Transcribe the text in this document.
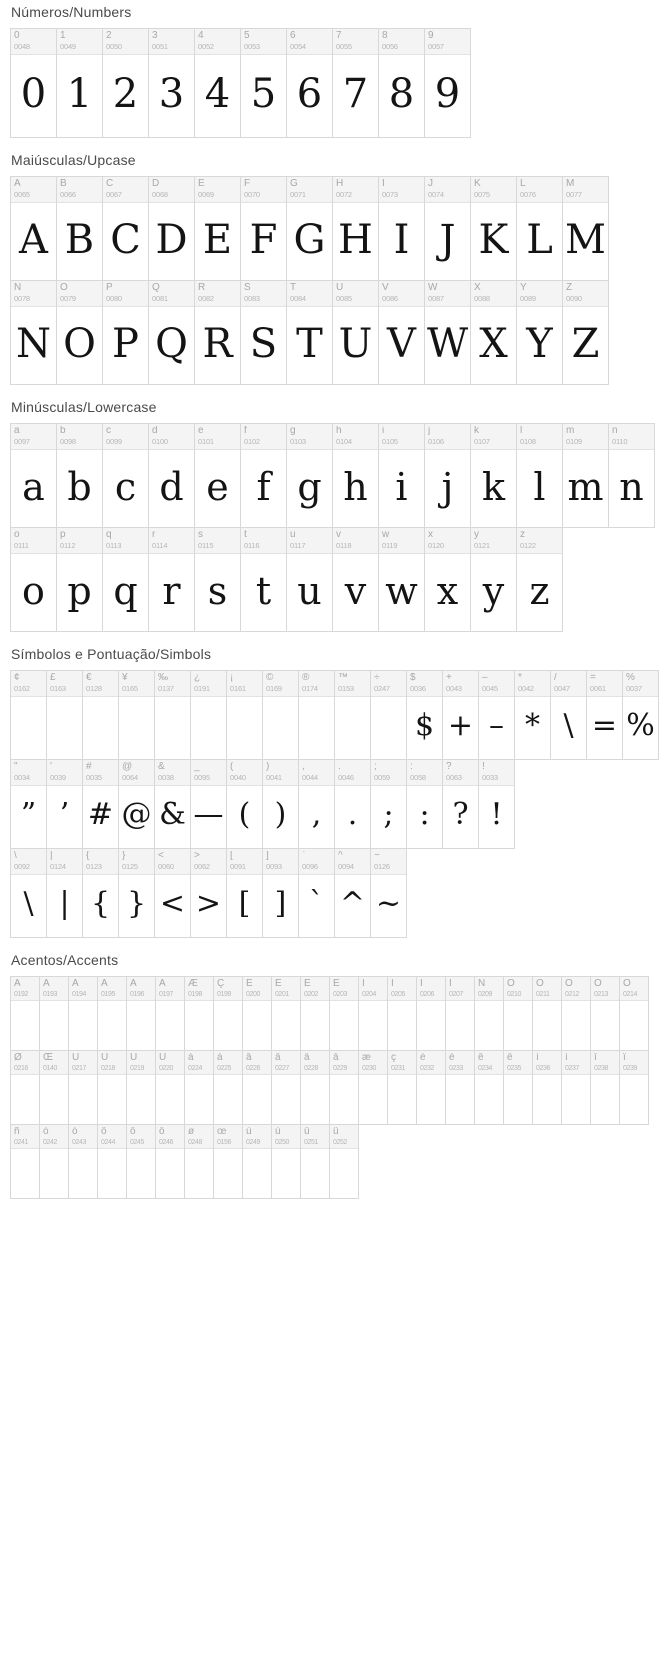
Números/Numbers
0
0048
0
1
0049
1
2
0050
2
3
0051
3
4
0052
4
5
0053
5
6
0054
6
7
0055
7
8
0056
8
9
0057
9
Maiúsculas/Upcase
A
0065
A
B
0066
B
C
0067
C
D
0068
D
E
0069
E
F
0070
F
G
0071
G
H
0072
H
I
0073
I
J
0074
J
K
0075
K
L
0076
L
M
0077
M
N
0078
N
O
0079
O
P
0080
P
Q
0081
Q
R
0082
R
S
0083
S
T
0084
T
U
0085
U
V
0086
V
W
0087
W
X
0088
X
Y
0089
Y
Z
0090
Z
Minúsculas/Lowercase
a
0097
a
b
0098
b
c
0099
c
d
0100
d
e
0101
e
f
0102
f
g
0103
g
h
0104
h
i
0105
i
j
0106
j
k
0107
k
l
0108
l
m
0109
m
n
0110
n
o
0111
o
p
0112
p
q
0113
q
r
0114
r
s
0115
s
t
0116
t
u
0117
u
v
0118
v
w
0119
w
x
0120
x
y
0121
y
z
0122
z
Símbolos e Pontuação/Simbols
¢
0162
£
0163
€
0128
¥
0165
‰
0137
¿
0191
¡
0161
©
0169
®
0174
™
0153
÷
0247
$
0036
$
+
0043
+
–
0045
–
*
0042
*
/
0047
\
=
0061
=
%
0037
%
"
0034
”
'
0039
’
#
0035
#
@
0064
@
&
0038
&
_
0095
—
(
0040
(
)
0041
)
,
0044
,
.
0046
.
;
0059
;
:
0058
:
?
0063
?
!
0033
!
\
0092
\
|
0124
|
{
0123
{
}
0125
}
<
0060
<
>
0062
>
[
0091
[
]
0093
]
`
0096
`
^
0094
^
~
0126
~
Acentos/Accents
À
0192
Á
0193
Â
0194
Ã
0195
Ä
0196
Å
0197
Æ
0198
Ç
0199
È
0200
É
0201
Ê
0202
Ë
0203
Ì
0204
Í
0205
Î
0206
Ï
0207
Ñ
0209
Ò
0210
Ó
0211
Ô
0212
Õ
0213
Ö
0214
Ø
0216
Œ
0140
Ù
0217
Ú
0218
Û
0219
Ü
0220
à
0224
á
0225
â
0226
ã
0227
ä
0228
å
0229
æ
0230
ç
0231
è
0232
é
0233
ê
0234
ë
0235
ì
0236
í
0237
î
0238
ï
0239
ñ
0241
ò
0242
ó
0243
ô
0244
õ
0245
ö
0246
ø
0248
œ
0156
ù
0249
ú
0250
û
0251
ü
0252
